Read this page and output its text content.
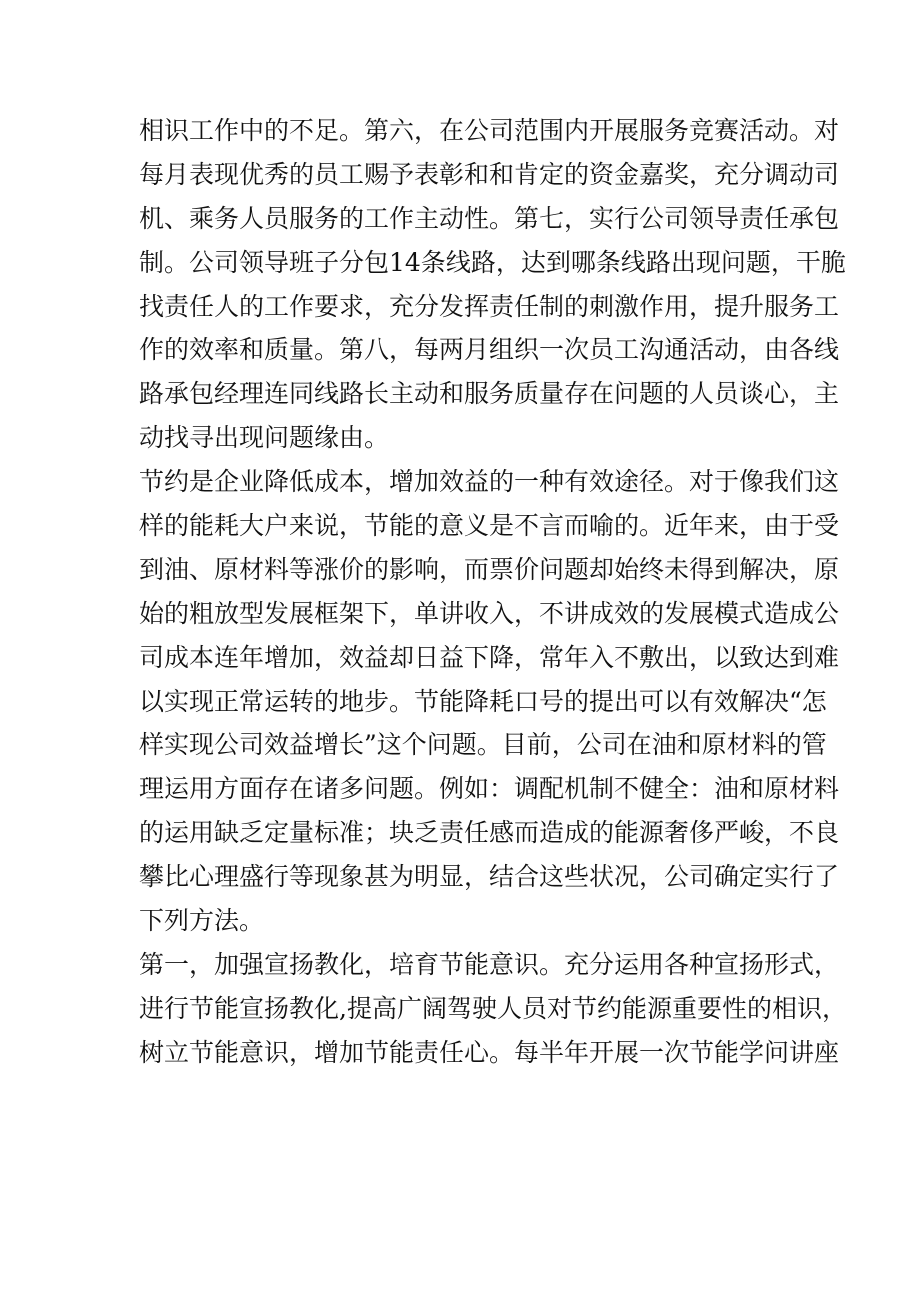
相识工作中的不足。第六，在公司范围内开展服务竞赛活动。对
每月表现优秀的员工赐予表彰和和肯定的资金嘉奖，充分调动司
机、乘务人员服务的工作主动性。第七，实行公司领导责任承包
制。公司领导班子分包14条线路，达到哪条线路出现问题，干脆
找责任人的工作要求，充分发挥责任制的刺激作用，提升服务工
作的效率和质量。第八，每两月组织一次员工沟通活动，由各线
路承包经理连同线路长主动和服务质量存在问题的人员谈心，主
动找寻出现问题缘由。
节约是企业降低成本，增加效益的一种有效途径。对于像我们这
样的能耗大户来说，节能的意义是不言而喻的。近年来，由于受
到油、原材料等涨价的影响，而票价问题却始终未得到解决，原
始的粗放型发展框架下，单讲收入，不讲成效的发展模式造成公
司成本连年增加，效益却日益下降，常年入不敷出，以致达到难
以实现正常运转的地步。节能降耗口号的提出可以有效解决“怎
样实现公司效益增长”这个问题。目前，公司在油和原材料的管
理运用方面存在诸多问题。例如：调配机制不健全：油和原材料
的运用缺乏定量标准；块乏责任感而造成的能源奢侈严峻，不良
攀比心理盛行等现象甚为明显，结合这些状况，公司确定实行了
下列方法。
第一，加强宣扬教化，培育节能意识。充分运用各种宣扬形式，
进行节能宣扬教化,提高广阔驾驶人员对节约能源重要性的相识，
树立节能意识，增加节能责任心。每半年开展一次节能学问讲座
